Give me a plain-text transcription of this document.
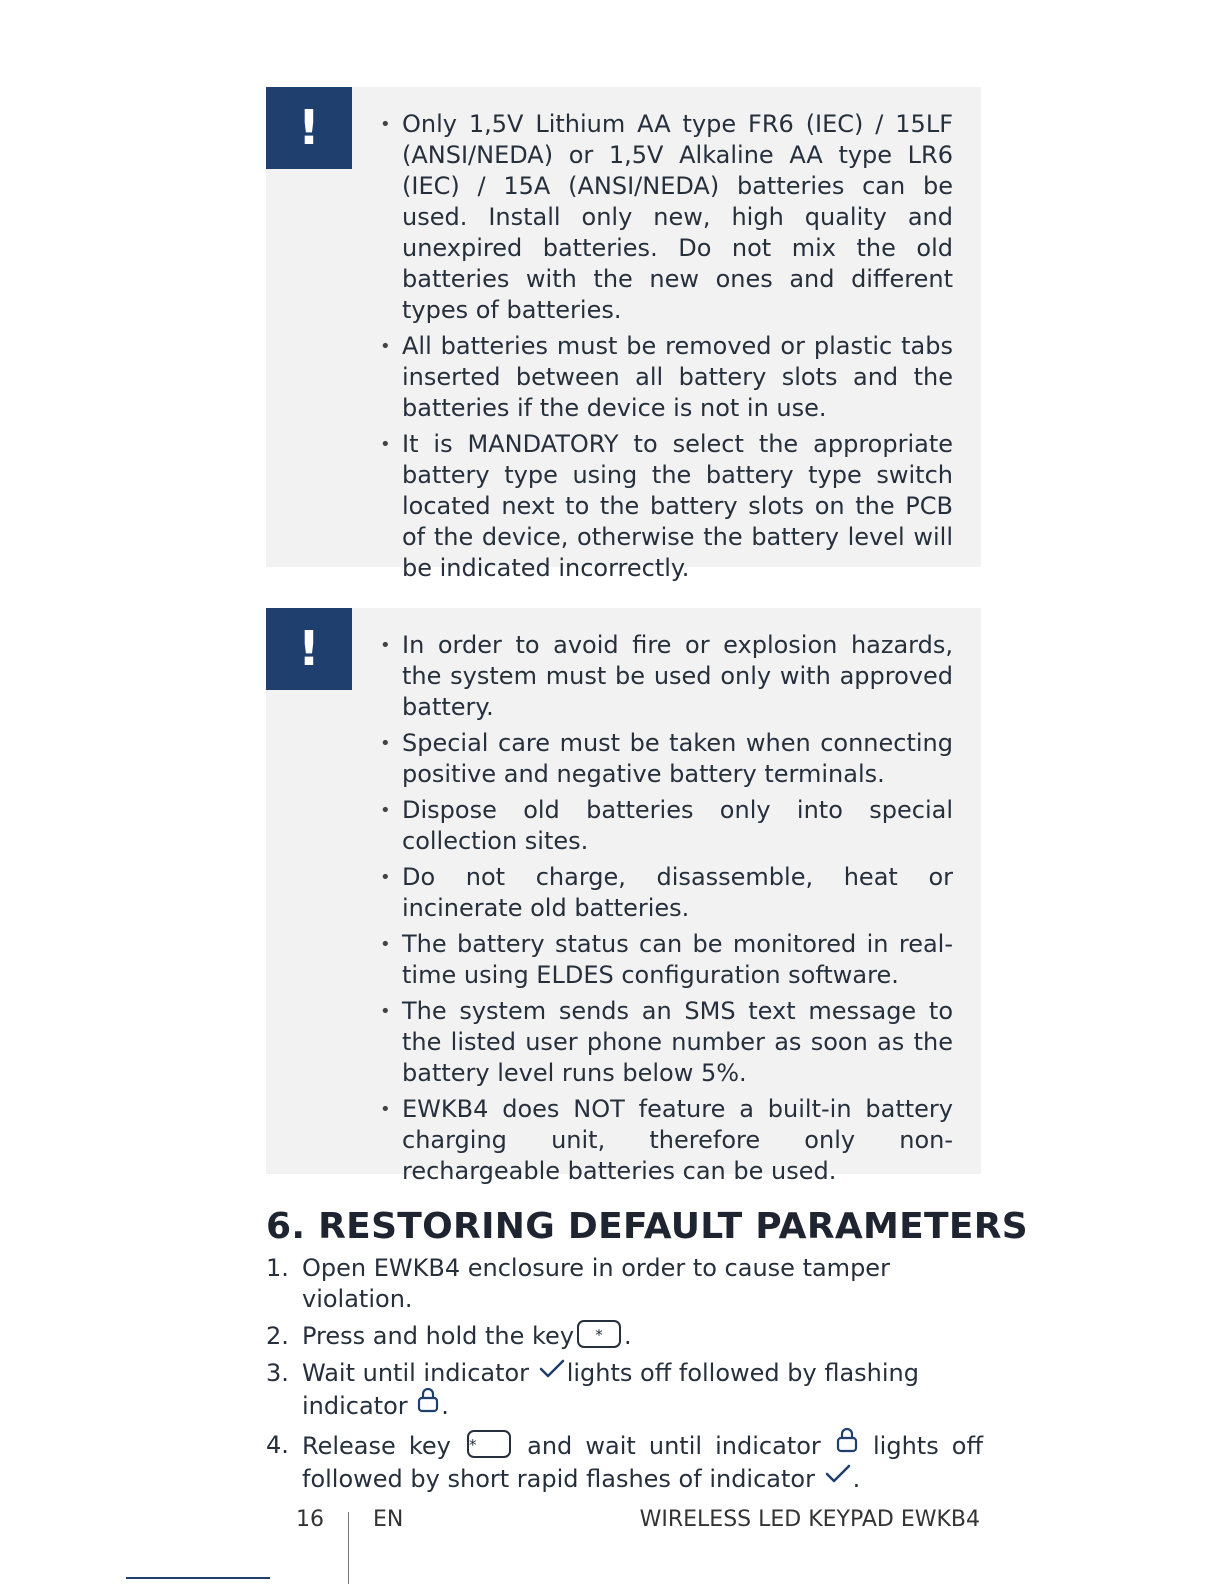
!	• Only 1,5V Lithium AA type FR6 (IEC) / 15LF (ANSI/NEDA) or 1,5V Alkaline AA type LR6 (IEC) / 15A (ANSI/NEDA) batteries can be used. Install only new, high quality and unexpired batteries. Do not mix the old batteries with the new ones and different types of batteries.
• All batteries must be removed or plastic tabs inserted between all battery slots and the batteries if the device is not in use.
• It is MANDATORY to select the appropriate battery type using the battery type switch located next to the battery slots on the PCB of the device, otherwise the battery level will be indicated incorrectly.
!	• In order to avoid fire or explosion hazards, the system must be used only with approved battery.
• Special care must be taken when connecting positive and negative battery terminals.
• Dispose old batteries only into special collection sites.
• Do not charge, disassemble, heat or incinerate old batteries.
• The battery status can be monitored in real-time using ELDES configuration software.
• The system sends an SMS text message to the listed user phone number as soon as the battery level runs below 5%.
• EWKB4 does NOT feature a built-in battery charging unit, therefore only non-rechargeable batteries can be used.
6. RESTORING DEFAULT PARAMETERS
1. Open EWKB4 enclosure in order to cause tamper violation.
2. Press and hold the key * .
3. Wait until indicator lights off followed by flashing indicator .
4. Release key * and wait until indicator lights off followed by short rapid flashes of indicator .
16 EN	WIRELESS LED KEYPAD EWKB4
